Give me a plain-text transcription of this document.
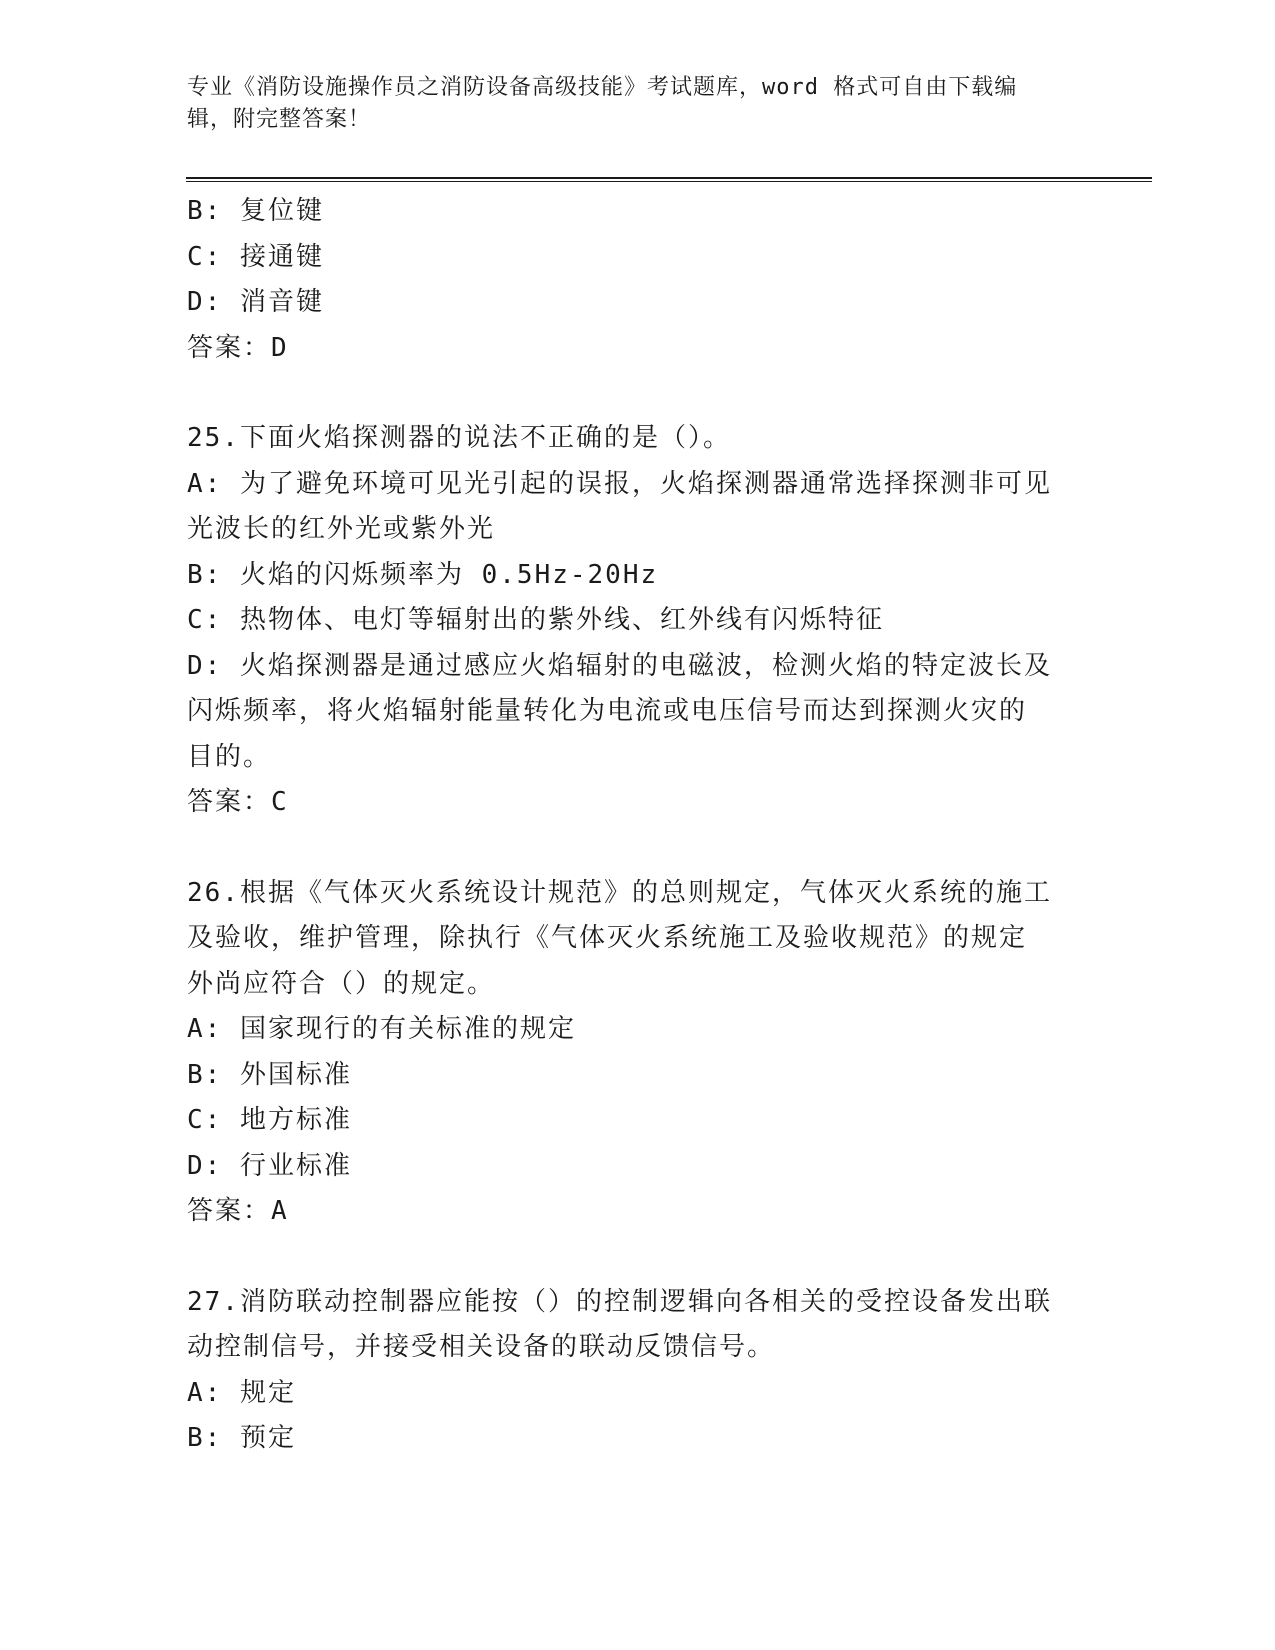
专业《消防设施操作员之消防设备高级技能》考试题库，word 格式可自由下载编
辑，附完整答案！

B: 复位键

C: 接通键

D: 消音键

答案：D

25.下面火焰探测器的说法不正确的是（）。

A: 为了避免环境可见光引起的误报，火焰探测器通常选择探测非可见

光波长的红外光或紫外光

B: 火焰的闪烁频率为 0.5Hz-20Hz

C: 热物体、电灯等辐射出的紫外线、红外线有闪烁特征

D: 火焰探测器是通过感应火焰辐射的电磁波，检测火焰的特定波长及

闪烁频率，将火焰辐射能量转化为电流或电压信号而达到探测火灾的

目的。

答案：C

26.根据《气体灭火系统设计规范》的总则规定，气体灭火系统的施工

及验收，维护管理，除执行《气体灭火系统施工及验收规范》的规定

外尚应符合（）的规定。

A: 国家现行的有关标准的规定

B: 外国标准

C: 地方标准

D: 行业标准

答案：A

27.消防联动控制器应能按（）的控制逻辑向各相关的受控设备发出联

动控制信号，并接受相关设备的联动反馈信号。

A: 规定

B: 预定
